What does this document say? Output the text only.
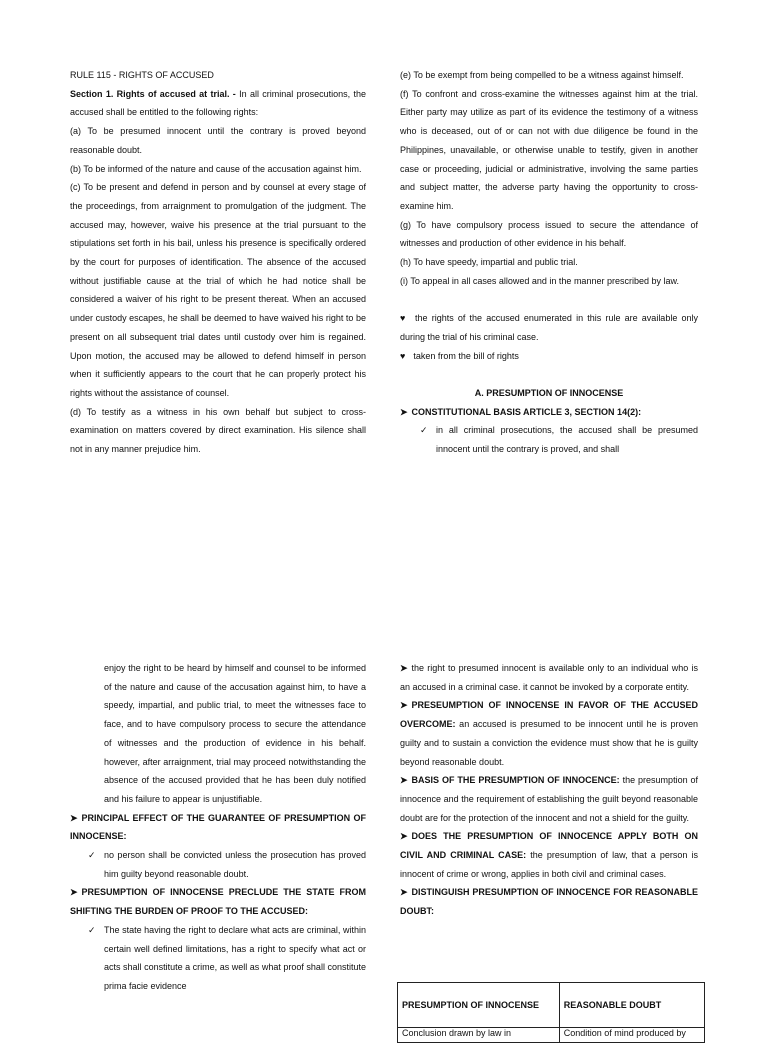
RULE 115 - RIGHTS OF ACCUSED

Section 1. Rights of accused at trial. - In all criminal prosecutions, the accused shall be entitled to the following rights:

(a) To be presumed innocent until the contrary is proved beyond reasonable doubt.

(b) To be informed of the nature and cause of the accusation against him.

(c) To be present and defend in person and by counsel at every stage of the proceedings, from arraignment to promulgation of the judgment. The accused may, however, waive his presence at the trial pursuant to the stipulations set forth in his bail, unless his presence is specifically ordered by the court for purposes of identification. The absence of the accused without justifiable cause at the trial of which he had notice shall be considered a waiver of his right to be present thereat. When an accused under custody escapes, he shall be deemed to have waived his right to be present on all subsequent trial dates until custody over him is regained. Upon motion, the accused may be allowed to defend himself in person when it sufficiently appears to the court that he can properly protect his rights without the assistance of counsel.

(d) To testify as a witness in his own behalf but subject to cross-examination on matters covered by direct examination. His silence shall not in any manner prejudice him.

(e) To be exempt from being compelled to be a witness against himself.

(f) To confront and cross-examine the witnesses against him at the trial. Either party may utilize as part of its evidence the testimony of a witness who is deceased, out of or can not with due diligence be found in the Philippines, unavailable, or otherwise unable to testify, given in another case or proceeding, judicial or administrative, involving the same parties and subject matter, the adverse party having the opportunity to cross-examine him.

(g) To have compulsory process issued to secure the attendance of witnesses and production of other evidence in his behalf.

(h) To have speedy, impartial and public trial.

(i) To appeal in all cases allowed and in the manner prescribed by law.

♥ the rights of the accused enumerated in this rule are available only during the trial of his criminal case.

♥ taken from the bill of rights

A. PRESUMPTION OF INNOCENSE

➤ CONSTITUTIONAL BASIS ARTICLE 3, SECTION 14(2):

✓ in all criminal prosecutions, the accused shall be presumed innocent until the contrary is proved, and shall

enjoy the right to be heard by himself and counsel to be informed of the nature and cause of the accusation against him, to have a speedy, impartial, and public trial, to meet the witnesses face to face, and to have compulsory process to secure the attendance of witnesses and the production of evidence in his behalf. however, after arraignment, trial may proceed notwithstanding the absence of the accused provided that he has been duly notified and his failure to appear is unjustifiable.

➤ PRINCIPAL EFFECT OF THE GUARANTEE OF PRESUMPTION OF INNOCENSE:

✓ no person shall be convicted unless the prosecution has proved him guilty beyond reasonable doubt.

➤ PRESUMPTION OF INNOCENSE PRECLUDE THE STATE FROM SHIFTING THE BURDEN OF PROOF TO THE ACCUSED:

✓ The state having the right to declare what acts are criminal, within certain well defined limitations, has a right to specify what act or acts shall constitute a crime, as well as what proof shall constitute prima facie evidence

➤ the right to presumed innocent is available only to an individual who is an accused in a criminal case. it cannot be invoked by a corporate entity.

➤ PRESEUMPTION OF INNOCENSE IN FAVOR OF THE ACCUSED OVERCOME: an accused is presumed to be innocent until he is proven guilty and to sustain a conviction the evidence must show that he is guilty beyond reasonable doubt.

➤ BASIS OF THE PRESUMPTION OF INNOCENCE: the presumption of innocence and the requirement of establishing the guilt beyond reasonable doubt are for the protection of the innocent and not a shield for the guilty.

➤ DOES THE PRESUMPTION OF INNOCENCE APPLY BOTH ON CIVIL AND CRIMINAL CASE: the presumption of law, that a person is innocent of crime or wrong, applies in both civil and criminal cases.

➤ DISTINGUISH PRESUMPTION OF INNOCENCE FOR REASONABLE DOUBT:

PRESUMPTION OF INNOCENSE	REASONABLE DOUBT
Conclusion drawn by law in	Condition of mind produced by
